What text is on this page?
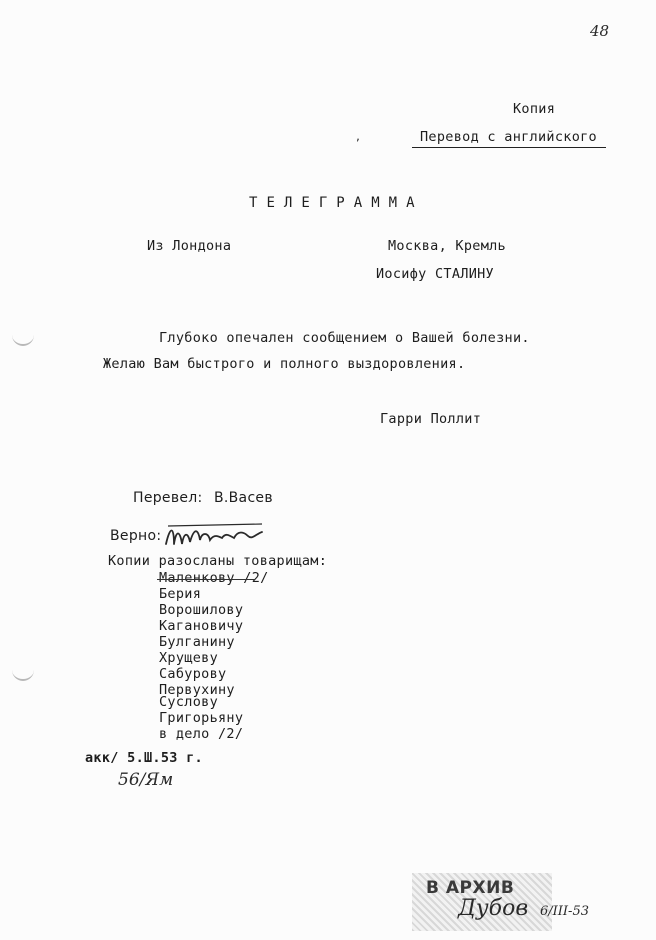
48
Копия
Перевод с английского
,
Т Е Л Е Г Р А М М А
Из Лондона	Москва, Кремль
Иосифу СТАЛИНУ
Глубоко опечален сообщением о Вашей болезни.
Желаю Вам быстрого и полного выздоровления.
Гарри Поллит
Перевел: В.Васев
Верно:
Копии разосланы товарищам:
Маленкову /2/
Берия
Ворошилову
Кагановичу
Булганину
Хрущеву
Сабурову
Первухину
Суслову
Григорьяну
в дело /2/
акк/ 5.Ш.53 г.
56/Ям
В АРХИВ
Дубов 6/III-53
